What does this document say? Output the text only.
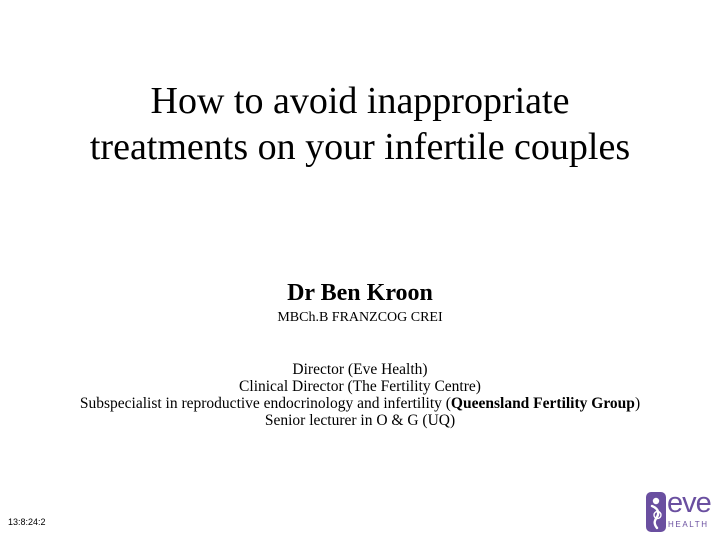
How to avoid inappropriate
treatments on your infertile couples
Dr Ben Kroon
MBCh.B FRANZCOG CREI
Director (Eve Health)
Clinical Director (The Fertility Centre)
Subspecialist in reproductive endocrinology and infertility (Queensland Fertility Group)
Senior lecturer in O & G (UQ)
13:8:24:2
eve
HEALTH
